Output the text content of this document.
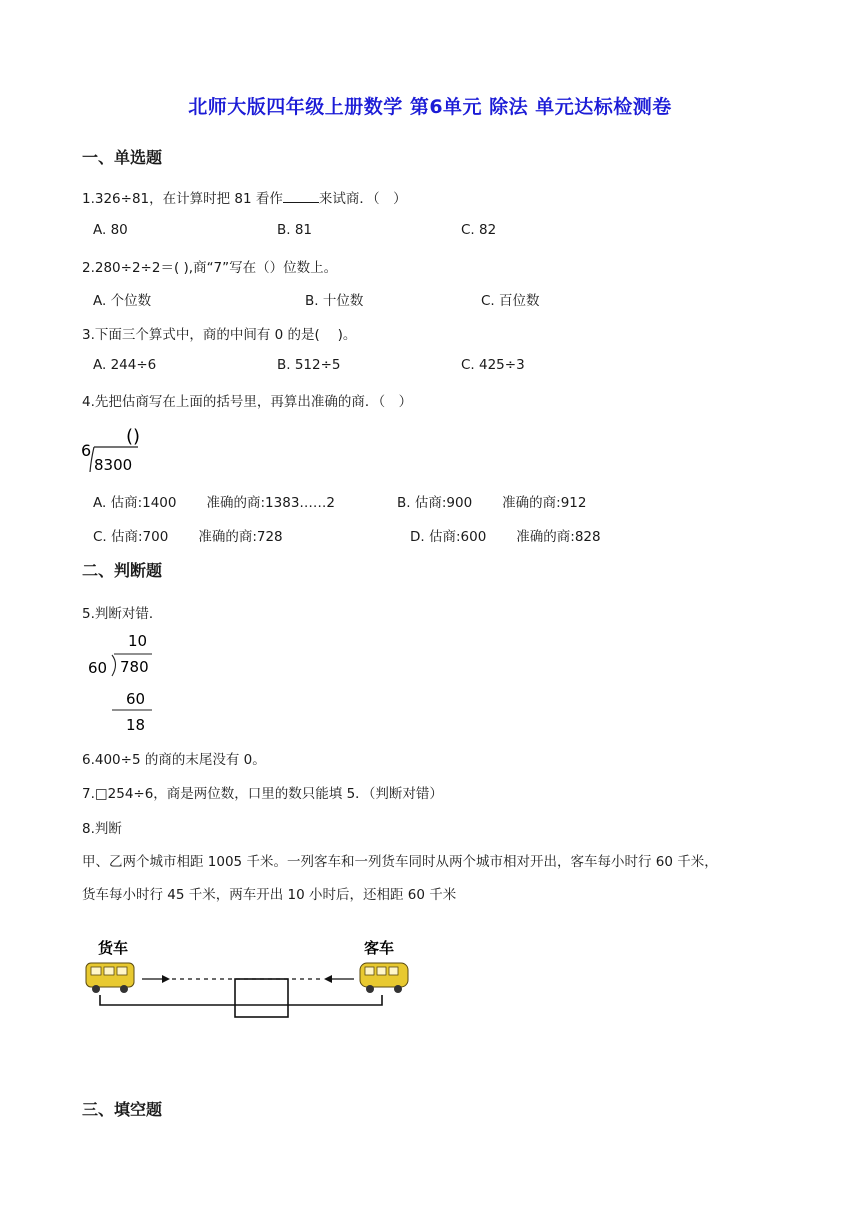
北师大版四年级上册数学 第6单元 除法 单元达标检测卷
一、单选题
1.326÷81，在计算时把 81 看作	来试商．（　）
A. 80	B. 81	C. 82
2.280÷2÷2＝( ),商“7”写在（）位数上。
A. 个位数	B. 十位数	C. 百位数
3.下面三个算式中，商的中间有 0 的是(　 )。
A. 244÷6	B. 512÷5	C. 425÷3
4.先把估商写在上面的括号里，再算出准确的商．（　）
()
6
8300
A. 估商:1400 准确的商:1383……2	B. 估商:900 准确的商:912
C. 估商:700 准确的商:728	D. 估商:600 准确的商:828
二、判断题
5.判断对错．
10
60 780
60
18
6.400÷5 的商的末尾没有 0。
7.□254÷6，商是两位数，口里的数只能填 5．（判断对错）
8.判断
甲、乙两个城市相距 1005 千米。一列客车和一列货车同时从两个城市相对开出，客车每小时行 60 千米，
货车每小时行 45 千米，两车开出 10 小时后，还相距 60 千米
货车	客车
三、填空题
